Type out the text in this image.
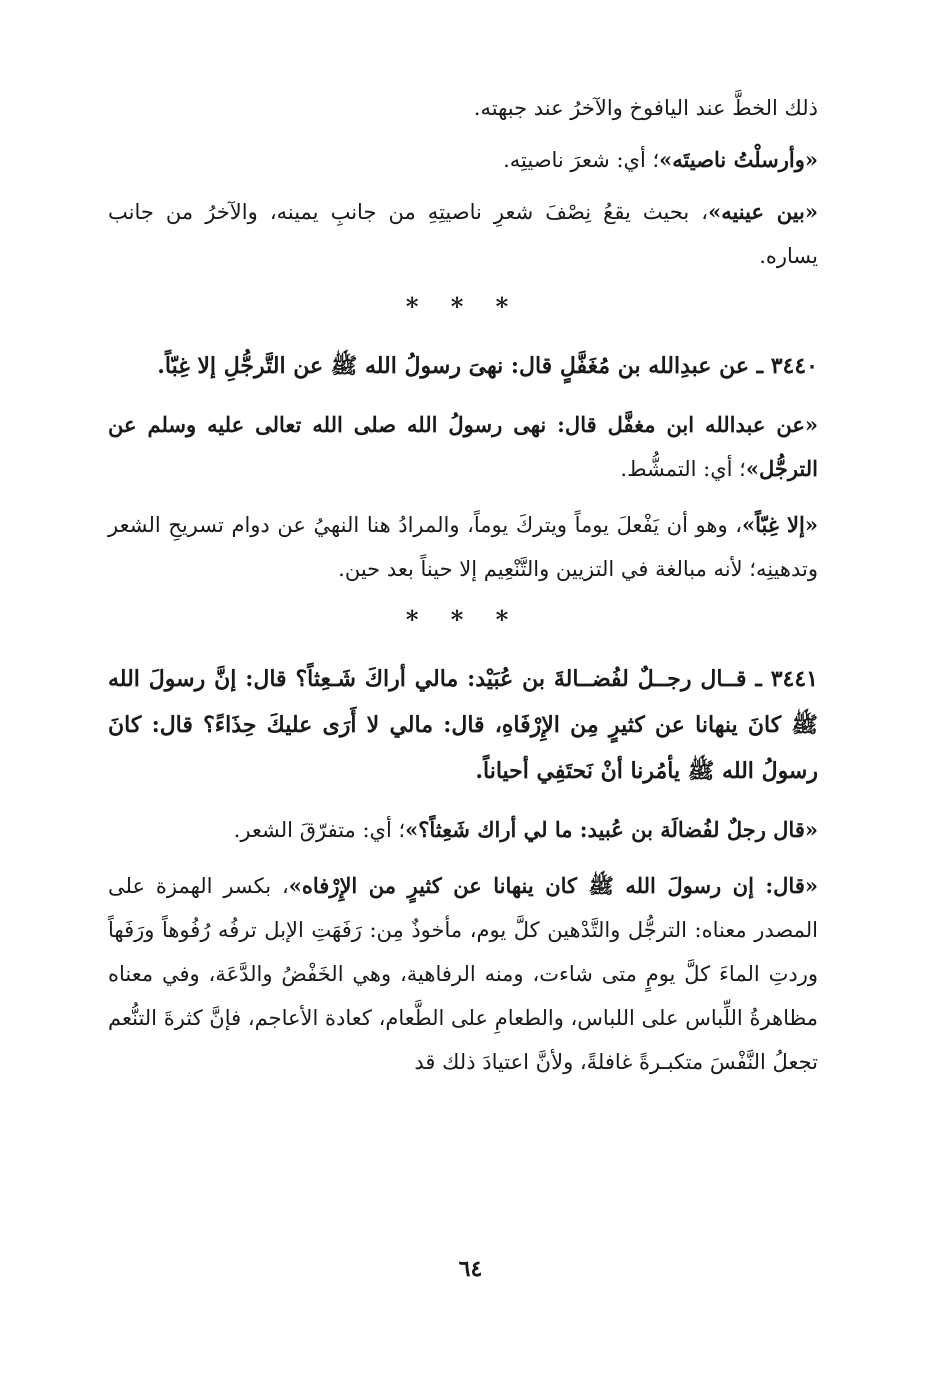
ذلك الخطَّ عند اليافوخ والآخرُ عند جبهته.

«وأرسلْتُ ناصيتَه»؛ أي: شعرَ ناصيتِه.

«بين عينيه»، بحيث يقعُ نِصْفَ شعرِ ناصيتِهِ من جانبِ يمينه، والآخرُ من جانب يساره.

* * *

٣٤٤٠ ـ عن عبدِالله بن مُغَفَّلٍ قال: نهىَ رسولُ الله ﷺ عن التَّرجُّلِ إلا غِبّاً.

«عن عبدالله ابن مغفَّل قال: نهى رسولُ الله صلى الله تعالى عليه وسلم عن الترجُّل»؛ أي: التمشُّط.

«إلا غِبّاً»، وهو أن يَفْعلَ يوماً ويتركَ يوماً، والمرادُ هنا النهيُ عن دوام تسريحِ الشعر وتدهينِه؛ لأنه مبالغة في التزيين والتَّنْعِيم إلا حيناً بعد حين.

* * *

٣٤٤١ ـ قــال رجــلٌ لفُضــالةَ بن عُبَيْد: مالي أراكَ شَـعِثاً؟ قال: إنَّ رسولَ الله ﷺ كانَ ينهانا عن كثيرٍ مِن الإِرْفَاهِ، قال: مالي لا أَرَى عليكَ حِذَاءً؟ قال: كانَ رسولُ الله ﷺ يأمُرنا أنْ نَحتَفِي أحياناً.

«قال رجلٌ لفُضالَة بن عُبيد: ما لي أراك شَعِثاً؟»؛ أي: متفرّقَ الشعر.

«قال: إن رسولَ الله ﷺ كان ينهانا عن كثيرٍ من الإِرْفاه»، بكسر الهمزة على المصدر معناه: الترجُّل والتَّدْهين كلَّ يوم، مأخوذٌ مِن: رَفَهَتِ الإبل ترفُه رُفُوهاً ورَفَهاً وردتِ الماءَ كلَّ يومٍ متى شاءت، ومنه الرفاهية، وهي الخَفْضُ والدَّعَة، وفي معناه مظاهرةُ اللِّباس على اللباس، والطعامِ على الطَّعام، كعادة الأعاجم، فإنَّ كثرةَ التنُّعم تجعلُ النَّفْسَ متكبـرةً غافلةً، ولأنَّ اعتيادَ ذلك قد

٦٤
